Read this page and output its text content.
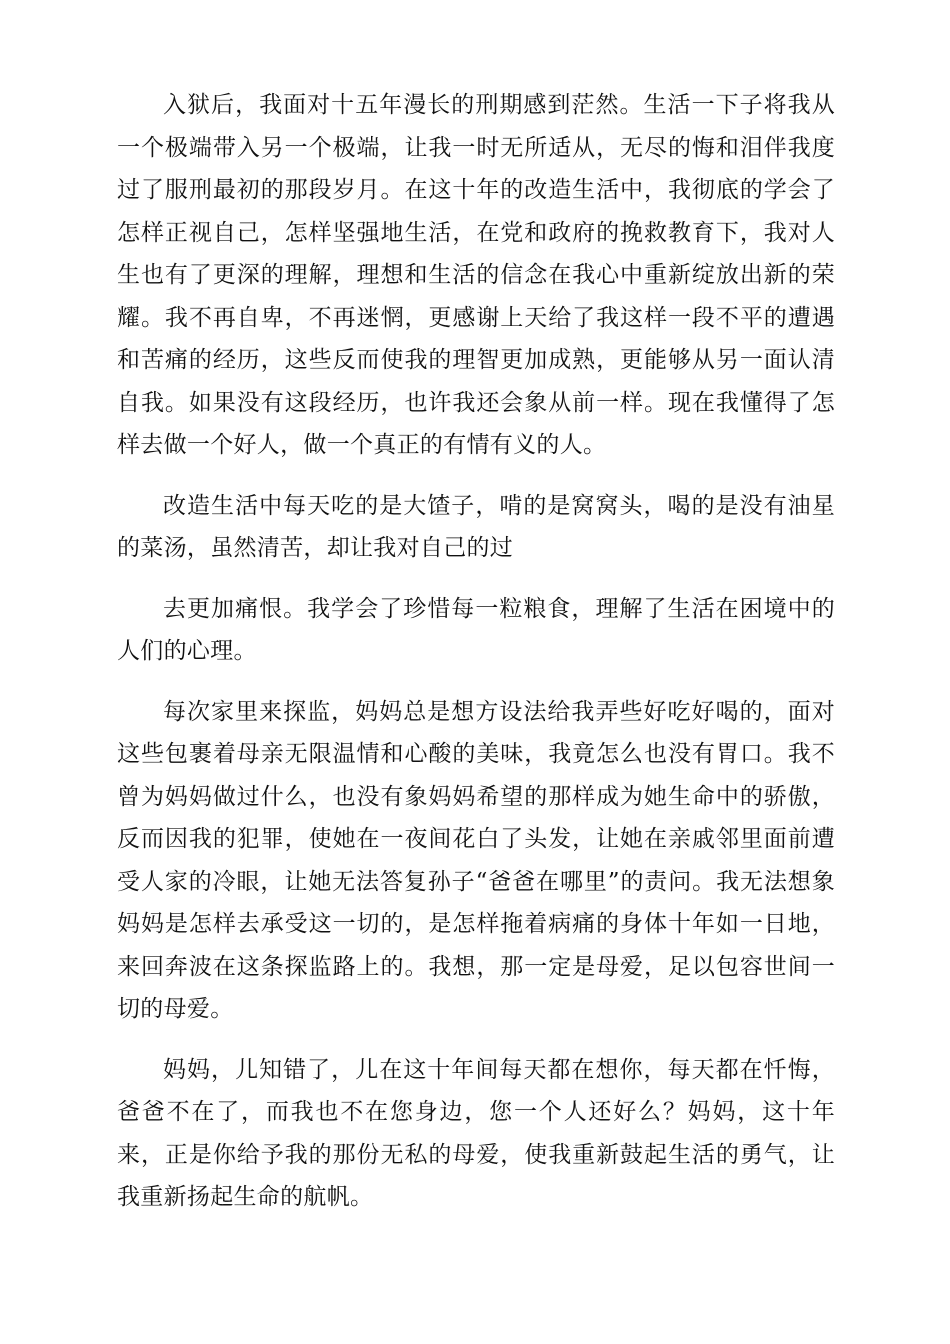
入狱后，我面对十五年漫长的刑期感到茫然。生活一下子将我从一个极端带入另一个极端，让我一时无所适从，无尽的悔和泪伴我度过了服刑最初的那段岁月。在这十年的改造生活中，我彻底的学会了怎样正视自己，怎样坚强地生活，在党和政府的挽救教育下，我对人生也有了更深的理解，理想和生活的信念在我心中重新绽放出新的荣耀。我不再自卑，不再迷惘，更感谢上天给了我这样一段不平的遭遇和苦痛的经历，这些反而使我的理智更加成熟，更能够从另一面认清自我。如果没有这段经历，也许我还会象从前一样。现在我懂得了怎样去做一个好人，做一个真正的有情有义的人。

改造生活中每天吃的是大馇子，啃的是窝窝头，喝的是没有油星的菜汤，虽然清苦，却让我对自己的过

去更加痛恨。我学会了珍惜每一粒粮食，理解了生活在困境中的人们的心理。

每次家里来探监，妈妈总是想方设法给我弄些好吃好喝的，面对这些包裹着母亲无限温情和心酸的美味，我竟怎么也没有胃口。我不曾为妈妈做过什么，也没有象妈妈希望的那样成为她生命中的骄傲，反而因我的犯罪，使她在一夜间花白了头发，让她在亲戚邻里面前遭受人家的冷眼，让她无法答复孙子“爸爸在哪里”的责问。我无法想象妈妈是怎样去承受这一切的，是怎样拖着病痛的身体十年如一日地，来回奔波在这条探监路上的。我想，那一定是母爱，足以包容世间一切的母爱。

妈妈，儿知错了，儿在这十年间每天都在想你，每天都在忏悔，爸爸不在了，而我也不在您身边，您一个人还好么？妈妈，这十年来，正是你给予我的那份无私的母爱，使我重新鼓起生活的勇气，让我重新扬起生命的航帆。
